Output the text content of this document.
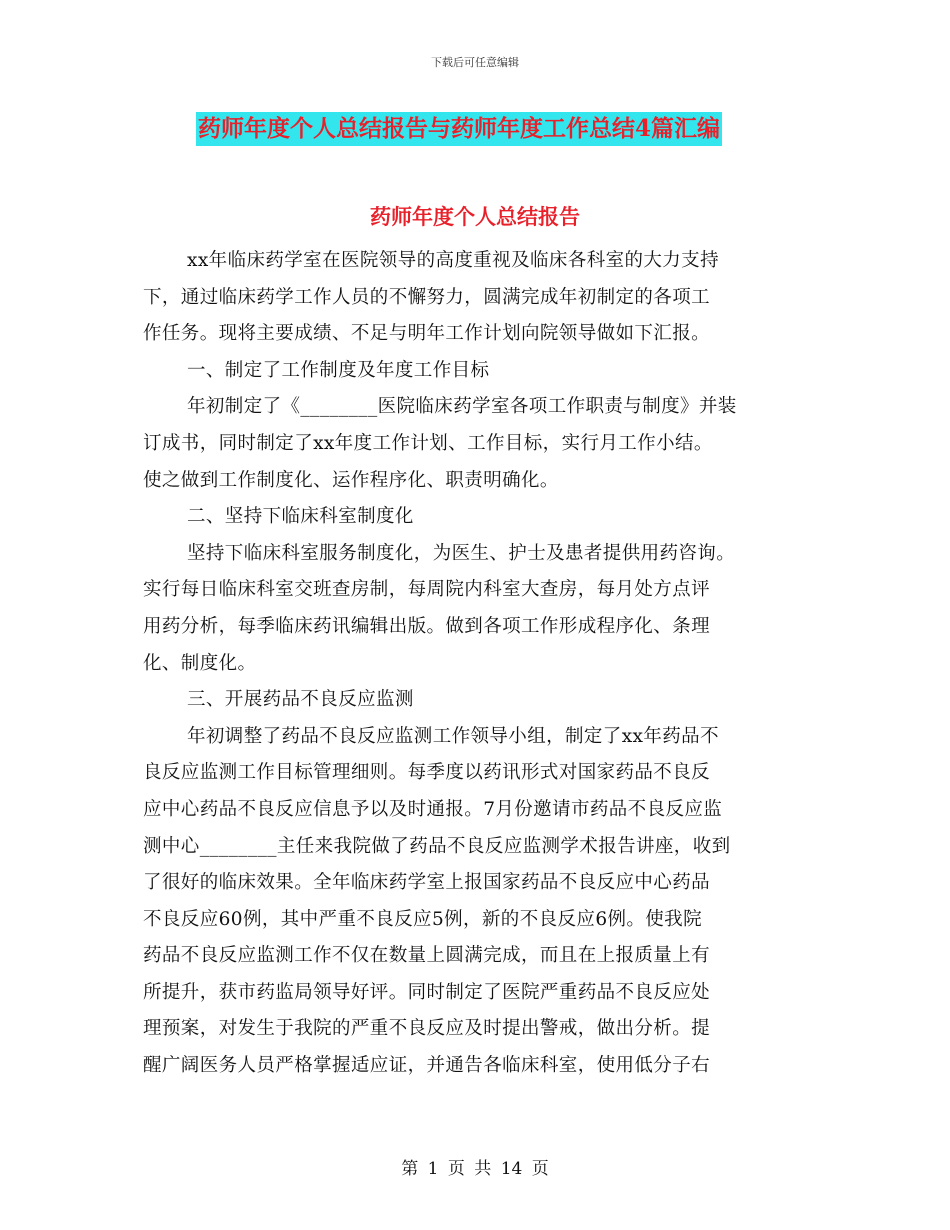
下载后可任意编辑
药师年度个人总结报告与药师年度工作总结4篇汇编
药师年度个人总结报告
xx年临床药学室在医院领导的高度重视及临床各科室的大力支持
下，通过临床药学工作人员的不懈努力，圆满完成年初制定的各项工
作任务。现将主要成绩、不足与明年工作计划向院领导做如下汇报。
一、制定了工作制度及年度工作目标
年初制定了《________医院临床药学室各项工作职责与制度》并装
订成书，同时制定了xx年度工作计划、工作目标，实行月工作小结。
使之做到工作制度化、运作程序化、职责明确化。
二、坚持下临床科室制度化
坚持下临床科室服务制度化，为医生、护士及患者提供用药咨询。
实行每日临床科室交班查房制，每周院内科室大查房，每月处方点评
用药分析，每季临床药讯编辑出版。做到各项工作形成程序化、条理
化、制度化。
三、开展药品不良反应监测
年初调整了药品不良反应监测工作领导小组，制定了xx年药品不
良反应监测工作目标管理细则。每季度以药讯形式对国家药品不良反
应中心药品不良反应信息予以及时通报。7月份邀请市药品不良反应监
测中心________主任来我院做了药品不良反应监测学术报告讲座，收到
了很好的临床效果。全年临床药学室上报国家药品不良反应中心药品
不良反应60例，其中严重不良反应5例，新的不良反应6例。使我院
药品不良反应监测工作不仅在数量上圆满完成，而且在上报质量上有
所提升，获市药监局领导好评。同时制定了医院严重药品不良反应处
理预案，对发生于我院的严重不良反应及时提出警戒，做出分析。提
醒广阔医务人员严格掌握适应证，并通告各临床科室，使用低分子右
第 1 页 共 14 页
